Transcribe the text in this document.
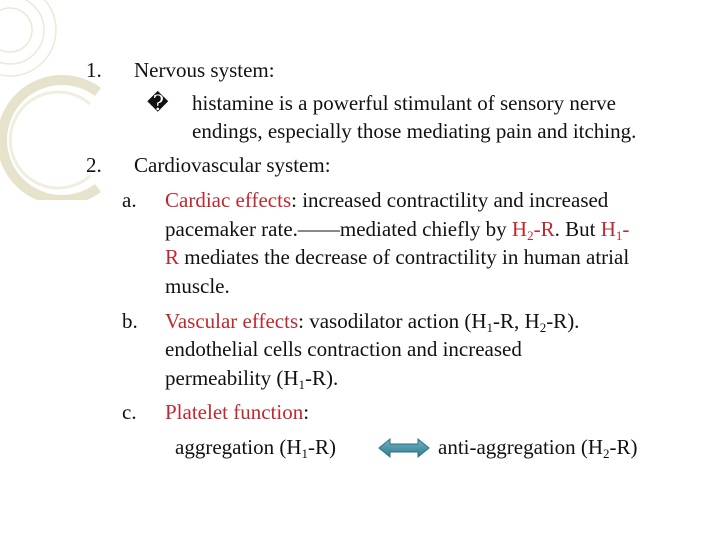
1. Nervous system:
� histamine is a powerful stimulant of sensory nerve
endings, especially those mediating pain and itching.
2. Cardiovascular system:
a. Cardiac effects: increased contractility and increased
pacemaker rate.——mediated chiefly by $H_2-R$. But $H_1-$
R mediates the decrease of contractility in human atrial
muscle.
b. Vascular effects: vasodilator action ($H_1-R$, $H_2-R$).
endothelial cells contraction and increased
permeability $(H_1-R)$.
c. Platelet function:
aggregation $(H_1-R)$	anti-aggregation $(H_2-R)$
